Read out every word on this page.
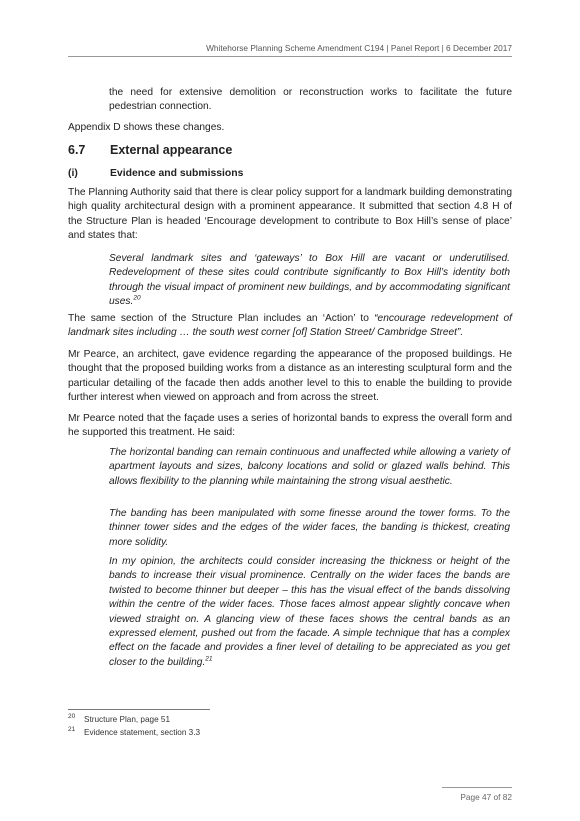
Whitehorse Planning Scheme Amendment C194 | Panel Report | 6 December 2017
the need for extensive demolition or reconstruction works to facilitate the future pedestrian connection.
Appendix D shows these changes.
6.7 External appearance
(i)	Evidence and submissions
The Planning Authority said that there is clear policy support for a landmark building demonstrating high quality architectural design with a prominent appearance. It submitted that section 4.8 H of the Structure Plan is headed ‘Encourage development to contribute to Box Hill’s sense of place’ and states that:
Several landmark sites and ‘gateways’ to Box Hill are vacant or underutilised. Redevelopment of these sites could contribute significantly to Box Hill’s identity both through the visual impact of prominent new buildings, and by accommodating significant uses.$^{20}$
The same section of the Structure Plan includes an ‘Action’ to “encourage redevelopment of landmark sites including … the south west corner [of] Station Street/ Cambridge Street”.
Mr Pearce, an architect, gave evidence regarding the appearance of the proposed buildings. He thought that the proposed building works from a distance as an interesting sculptural form and the particular detailing of the facade then adds another level to this to enable the building to provide further interest when viewed on approach and from across the street.
Mr Pearce noted that the façade uses a series of horizontal bands to express the overall form and he supported this treatment. He said:
The horizontal banding can remain continuous and unaffected while allowing a variety of apartment layouts and sizes, balcony locations and solid or glazed walls behind. This allows flexibility to the planning while maintaining the strong visual aesthetic.
The banding has been manipulated with some finesse around the tower forms. To the thinner tower sides and the edges of the wider faces, the banding is thickest, creating more solidity.
In my opinion, the architects could consider increasing the thickness or height of the bands to increase their visual prominence. Centrally on the wider faces the bands are twisted to become thinner but deeper – this has the visual effect of the bands dissolving within the centre of the wider faces. Those faces almost appear slightly concave when viewed straight on. A glancing view of these faces shows the central bands as an expressed element, pushed out from the facade. A simple technique that has a complex effect on the facade and provides a finer level of detailing to be appreciated as you get closer to the building.$^{21}$
20 Structure Plan, page 51
21 Evidence statement, section 3.3
Page 47 of 82
